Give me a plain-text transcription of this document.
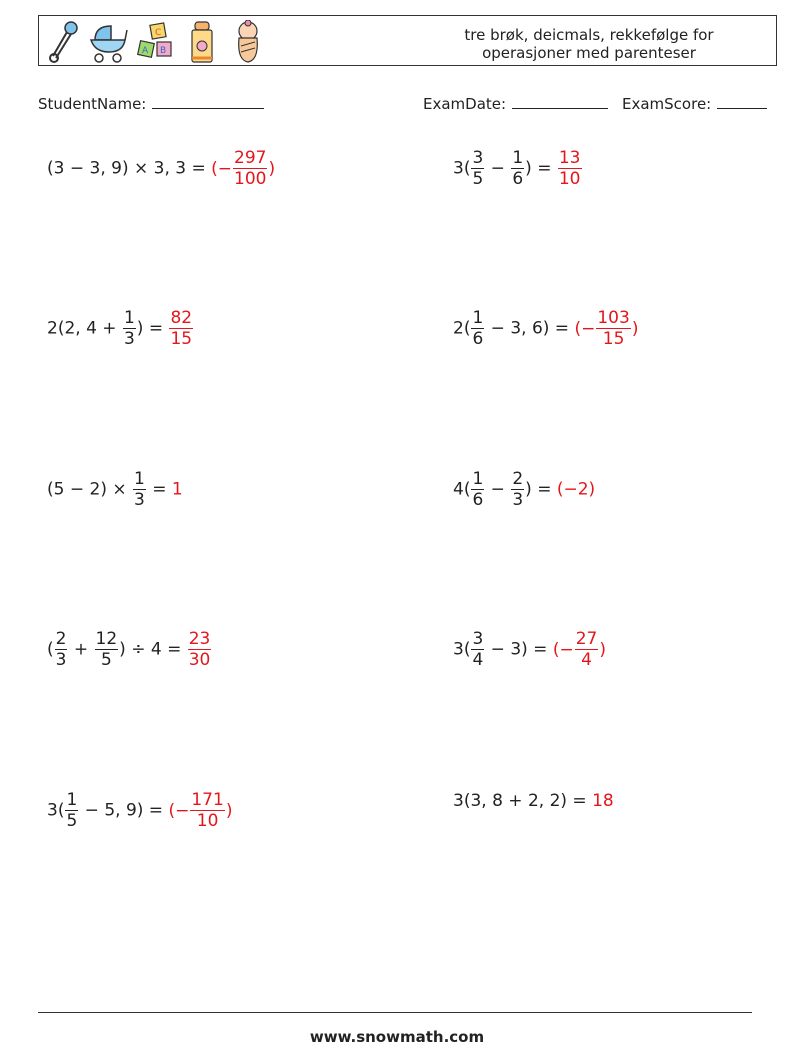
C
A B
tre brøk, deicmals, rekkefølge for
operasjoner med parenteser
StudentName:	ExamDate:	ExamScore:
(3 − 3, 9) × 3, 3 = (− $\frac{297}{100}$ )	$3( \frac{3}{5} - \frac{1}{6}$ ) = $\frac{13}{10}$
2(2, $4 + \frac{1}{3}$ ) = $\frac{82}{15}$	$2( \frac{1}{6} - 3$, 6) = (− $\frac{103}{15}$ )
$(5 - 2) \times \frac{1}{3} = 1$	$4( \frac{1}{6} - \frac{2}{3}$ ) = (−2)
( $\frac{2}{3} + \frac{12}{5}$ ) ÷ $4 = \frac{23}{30}$	$3( \frac{3}{4} - 3)$ = (− $\frac{27}{4}$ )
$3( \frac{1}{5} - 5$, 9) = (− $\frac{171}{10}$ )	3(3, 8 + 2, 2) = 18
www.snowmath.com
